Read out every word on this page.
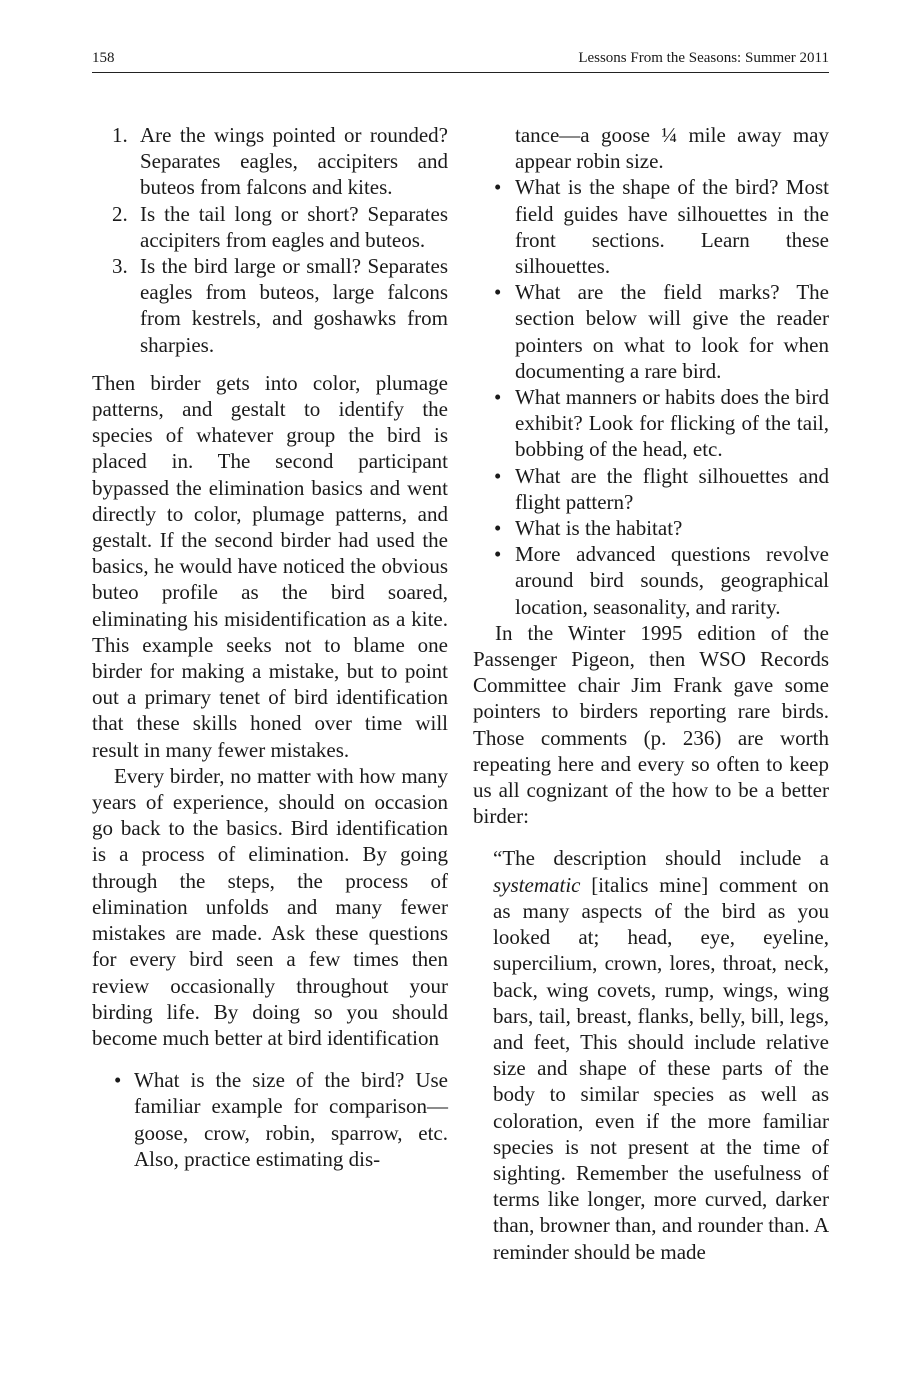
158	Lessons From the Seasons: Summer 2011
1. Are the wings pointed or rounded? Separates eagles, accipiters and buteos from falcons and kites.
2. Is the tail long or short? Separates accipiters from eagles and buteos.
3. Is the bird large or small? Separates eagles from buteos, large falcons from kestrels, and goshawks from sharpies.

Then birder gets into color, plumage patterns, and gestalt to identify the species of whatever group the bird is placed in. The second participant bypassed the elimination basics and went directly to color, plumage patterns, and gestalt. If the second birder had used the basics, he would have noticed the obvious buteo profile as the bird soared, eliminating his misidentification as a kite. This example seeks not to blame one birder for making a mistake, but to point out a primary tenet of bird identification that these skills honed over time will result in many fewer mistakes.

Every birder, no matter with how many years of experience, should on occasion go back to the basics. Bird identification is a process of elimination. By going through the steps, the process of elimination unfolds and many fewer mistakes are made. Ask these questions for every bird seen a few times then review occasionally throughout your birding life. By doing so you should become much better at bird identification

• What is the size of the bird? Use familiar example for comparison—goose, crow, robin, sparrow, etc. Also, practice estimating dis-

tance—a goose ¼ mile away may appear robin size.

• What is the shape of the bird? Most field guides have silhouettes in the front sections. Learn these silhouettes.
• What are the field marks? The section below will give the reader pointers on what to look for when documenting a rare bird.
• What manners or habits does the bird exhibit? Look for flicking of the tail, bobbing of the head, etc.
• What are the flight silhouettes and flight pattern?
• What is the habitat?
• More advanced questions revolve around bird sounds, geographical location, seasonality, and rarity.

In the Winter 1995 edition of the Passenger Pigeon, then WSO Records Committee chair Jim Frank gave some pointers to birders reporting rare birds. Those comments (p. 236) are worth repeating here and every so often to keep us all cognizant of the how to be a better birder:

“The description should include a systematic [italics mine] comment on as many aspects of the bird as you looked at; head, eye, eyeline, supercilium, crown, lores, throat, neck, back, wing covets, rump, wings, wing bars, tail, breast, flanks, belly, bill, legs, and feet, This should include relative size and shape of these parts of the body to similar species as well as coloration, even if the more familiar species is not present at the time of sighting. Remember the usefulness of terms like longer, more curved, darker than, browner than, and rounder than. A reminder should be made
